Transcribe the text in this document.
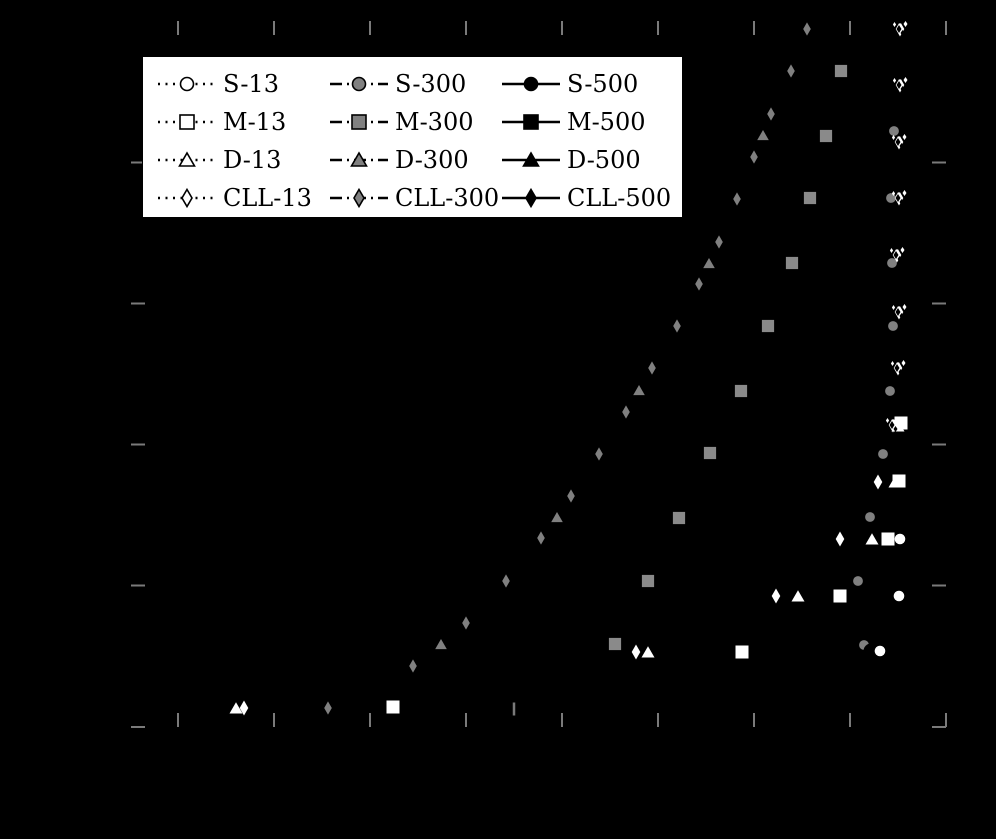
S-13
M-13
D-13
CLL-13
S-300
M-300
D-300
CLL-300
S-500
M-500
D-500
CLL-500
